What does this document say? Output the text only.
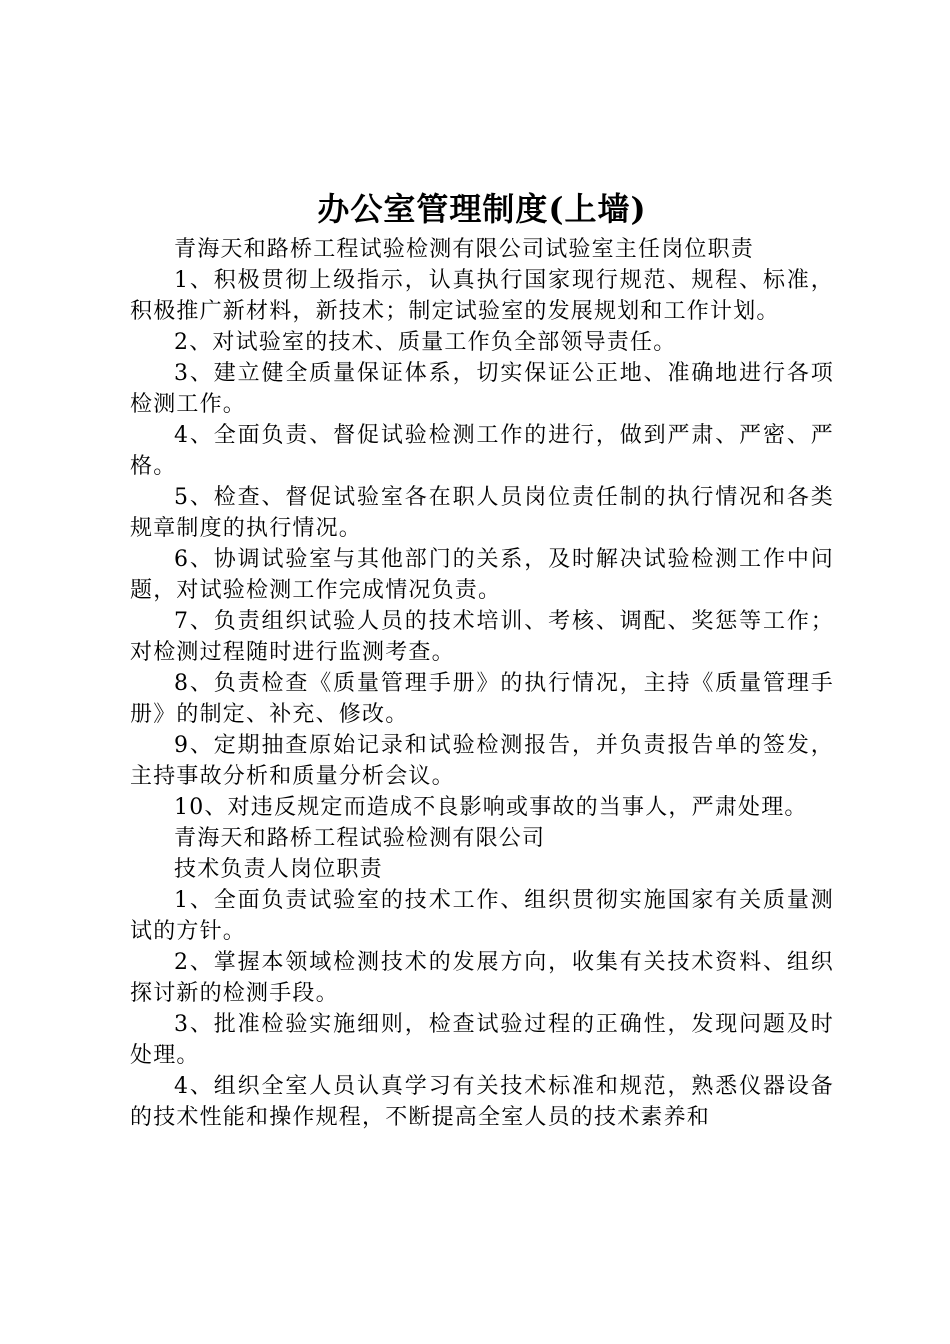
办公室管理制度(上墙)

青海天和路桥工程试验检测有限公司试验室主任岗位职责

1、积极贯彻上级指示，认真执行国家现行规范、规程、标准，积极推广新材料，新技术；制定试验室的发展规划和工作计划。

2、对试验室的技术、质量工作负全部领导责任。

3、建立健全质量保证体系，切实保证公正地、准确地进行各项检测工作。

4、全面负责、督促试验检测工作的进行，做到严肃、严密、严格。

5、检查、督促试验室各在职人员岗位责任制的执行情况和各类规章制度的执行情况。

6、协调试验室与其他部门的关系，及时解决试验检测工作中问题，对试验检测工作完成情况负责。

7、负责组织试验人员的技术培训、考核、调配、奖惩等工作；对检测过程随时进行监测考查。

8、负责检查《质量管理手册》的执行情况，主持《质量管理手册》的制定、补充、修改。

9、定期抽查原始记录和试验检测报告，并负责报告单的签发，主持事故分析和质量分析会议。

10、对违反规定而造成不良影响或事故的当事人，严肃处理。

青海天和路桥工程试验检测有限公司

技术负责人岗位职责

1、全面负责试验室的技术工作、组织贯彻实施国家有关质量测试的方针。

2、掌握本领域检测技术的发展方向，收集有关技术资料、组织探讨新的检测手段。

3、批准检验实施细则，检查试验过程的正确性，发现问题及时处理。

4、组织全室人员认真学习有关技术标准和规范，熟悉仪器设备的技术性能和操作规程，不断提高全室人员的技术素养和
